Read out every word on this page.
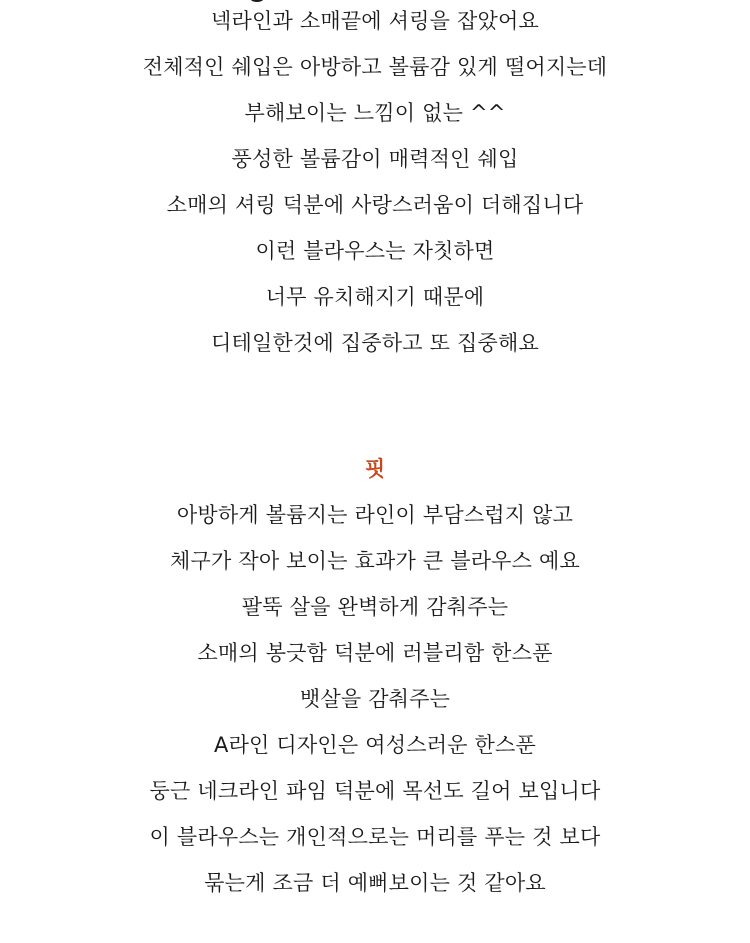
넥라인과 소매끝에 셔링을 잡았어요
전체적인 쉐입은 아방하고 볼륨감 있게 떨어지는데
부해보이는 느낌이 없는 ^^
풍성한 볼륨감이 매력적인 쉐입
소매의 셔링 덕분에 사랑스러움이 더해집니다
이런 블라우스는 자칫하면
너무 유치해지기 때문에
디테일한것에 집중하고 또 집중해요
핏
아방하게 볼륨지는 라인이 부담스럽지 않고
체구가 작아 보이는 효과가 큰 블라우스 예요
팔뚝 살을 완벽하게 감춰주는
소매의 봉긋함 덕분에 러블리함 한스푼
뱃살을 감춰주는
A라인 디자인은 여성스러운 한스푼
둥근 네크라인 파임 덕분에 목선도 길어 보입니다
이 블라우스는 개인적으로는 머리를 푸는 것 보다
묶는게 조금 더 예뻐보이는 것 같아요
